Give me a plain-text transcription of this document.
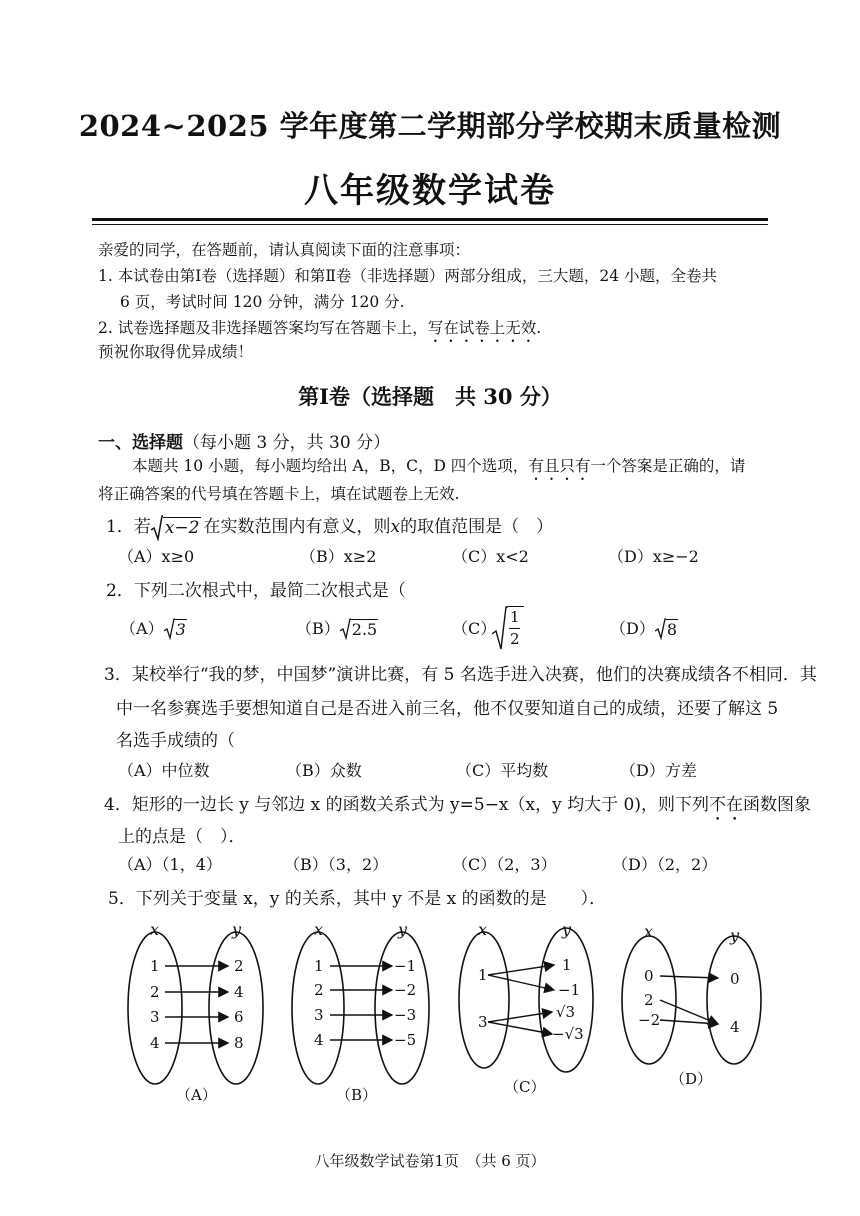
2024~2025 学年度第二学期部分学校期末质量检测
八年级数学试卷
亲爱的同学，在答题前，请认真阅读下面的注意事项：
1. 本试卷由第Ⅰ卷（选择题）和第Ⅱ卷（非选择题）两部分组成，三大题，24 小题，全卷共
6 页，考试时间 120 分钟，满分 120 分.
2. 试卷选择题及非选择题答案均写在答题卡上，写在试卷上无效.
预祝你取得优异成绩！
第Ⅰ卷（选择题　共 30 分）
一、选择题（每小题 3 分，共 30 分）
本题共 10 小题，每小题均给出 A，B，C，D 四个选项，有且只有一个答案是正确的，请
将正确答案的代号填在答题卡上，填在试题卷上无效.
1．若 x−2 在实数范围内有意义，则x的取值范围是（　）
（A）x≥0	（B）x≥2	（C）x<2	（D）x≥−2
2．下列二次根式中，最简二次根式是（
（A） 3	（B） 2.5	（C）
1
2
（D） 8
3．某校举行“我的梦，中国梦”演讲比赛，有 5 名选手进入决赛，他们的决赛成绩各不相同．其
中一名参赛选手要想知道自己是否进入前三名，他不仅要知道自己的成绩，还要了解这 5
名选手成绩的（
（A）中位数	（B）众数	（C）平均数	（D）方差
4．矩形的一边长 y 与邻边 x 的函数关系式为 y=5−x（x，y 均大于 0)，则下列不在函数图象
上的点是（　）．
（A）（1，4）	（B）（3，2）	（C）（2，3）	（D）（2，2）
5．下列关于变量 x，y 的关系，其中 y 不是 x 的函数的是　　）．
x	y	x	y	x	y	x	y
1
2
3
4
2
4
6
8
（A）
1
2
3
4
−1
−2
−3
−5
（B）
1
3
1
−1
√3
−√3
（C）
0
2
−2
0
4
（D）
八年级数学试卷第1页　（共 6 页）
